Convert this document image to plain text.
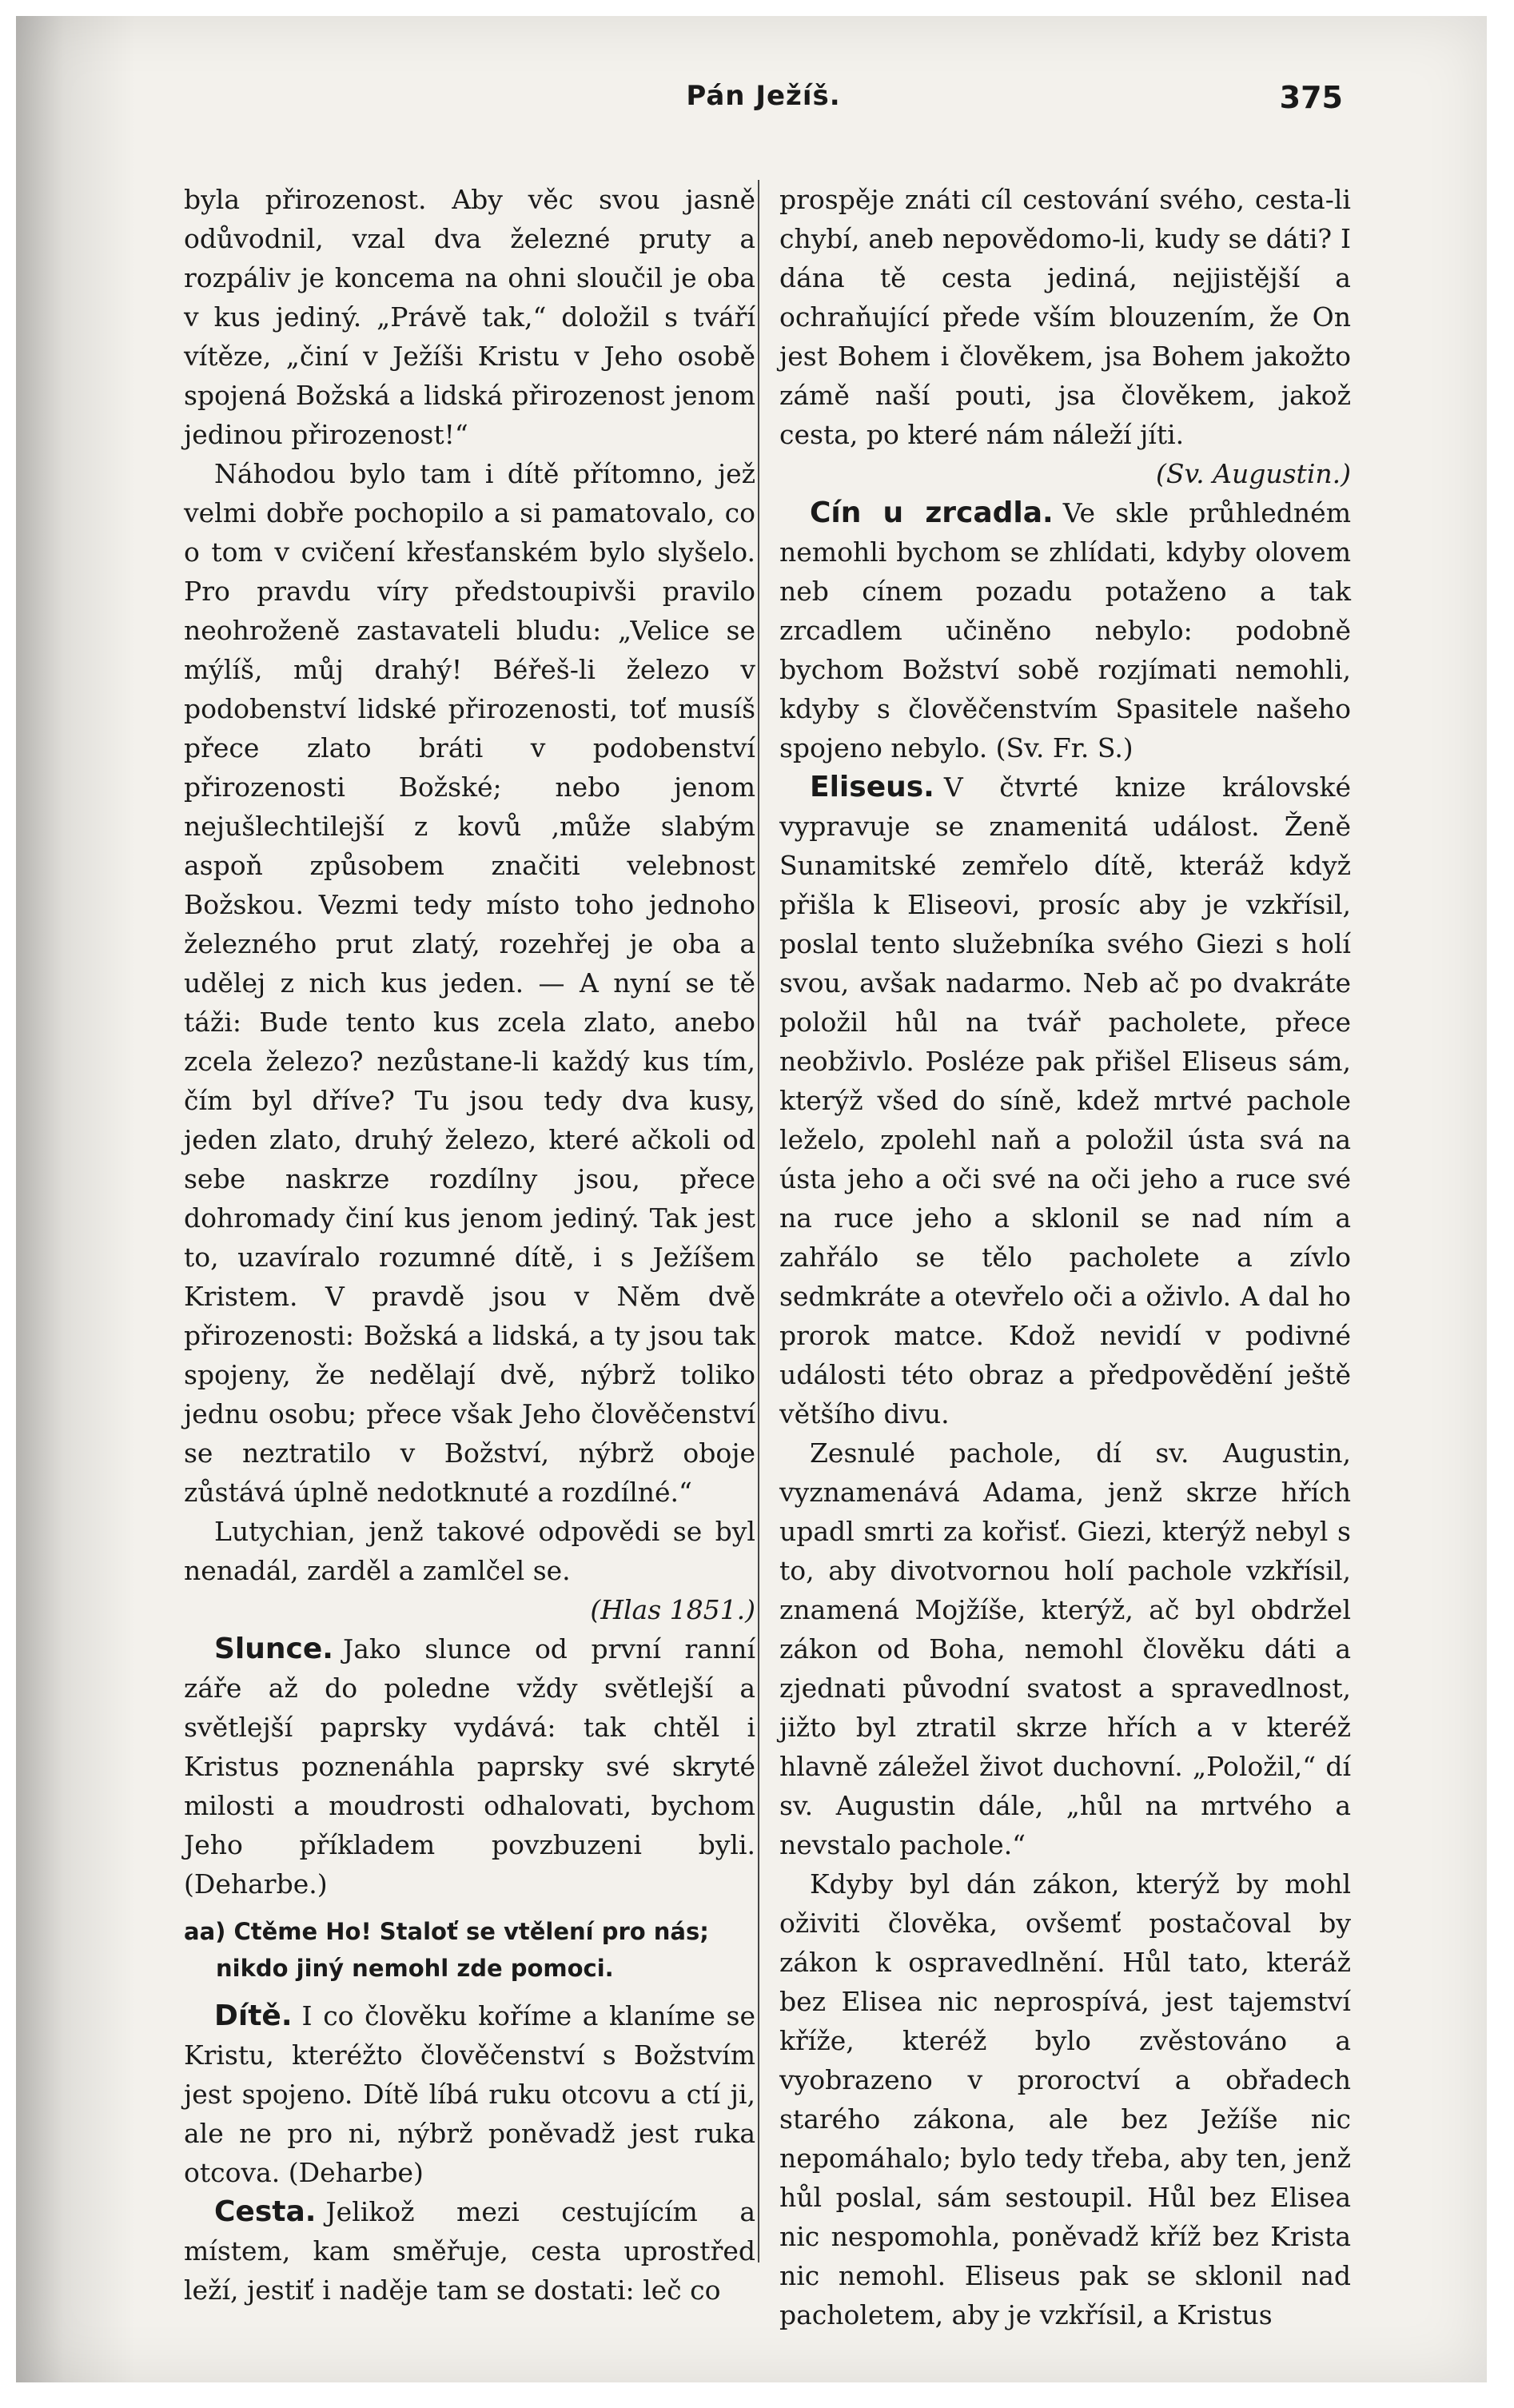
Pán Ježíš.	375

byla přirozenost. Aby věc svou jasně odůvodnil, vzal dva železné pruty a rozpáliv je koncema na ohni sloučil je oba v kus jediný. „Právě tak,“ doložil s tváří vítěze, „činí v Ježíši Kristu v Jeho osobě spojená Božská a lidská přirozenost jenom jedinou přirozenost!“

Náhodou bylo tam i dítě přítomno, jež velmi dobře pochopilo a si pamatovalo, co o tom v cvičení křesťanském bylo slyšelo. Pro pravdu víry předstoupivši pravilo neohroženě zastavateli bludu: „Velice se mýlíš, můj drahý! Béřeš-li železo v podobenství lidské přirozenosti, toť musíš přece zlato bráti v podobenství přirozenosti Božské; nebo jenom nejušlechtilejší z kovů ,může slabým aspoň způsobem značiti velebnost Božskou. Vezmi tedy místo toho jednoho železného prut zlatý, rozehřej je oba a udělej z nich kus jeden. — A nyní se tě táži: Bude tento kus zcela zlato, anebo zcela železo? nezůstane-li každý kus tím, čím byl dříve? Tu jsou tedy dva kusy, jeden zlato, druhý železo, které ačkoli od sebe naskrze rozdílny jsou, přece dohromady činí kus jenom jediný. Tak jest to, uzavíralo rozumné dítě, i s Ježíšem Kristem. V pravdě jsou v Něm dvě přirozenosti: Božská a lidská, a ty jsou tak spojeny, že nedělají dvě, nýbrž toliko jednu osobu; přece však Jeho člověčenství se neztratilo v Božství, nýbrž oboje zůstává úplně nedotknuté a rozdílné.“

Lutychian, jenž takové odpovědi se byl nenadál, zarděl a zamlčel se.

(Hlas 1851.)

Slunce. Jako slunce od první ranní záře až do poledne vždy světlejší a světlejší paprsky vydává: tak chtěl i Kristus poznenáhla paprsky své skryté milosti a moudrosti odhalovati, bychom Jeho příkladem povzbuzeni byli. (Deharbe.)

aa) Ctěme Ho! Staloť se vtělení pro nás; nikdo jiný nemohl zde pomoci.

Dítě. I co člověku koříme a klaníme se Kristu, kteréžto člověčenství s Božstvím jest spojeno. Dítě líbá ruku otcovu a ctí ji, ale ne pro ni, nýbrž poněvadž jest ruka otcova. (Deharbe)

Cesta. Jelikož mezi cestujícím a místem, kam směřuje, cesta uprostřed leží, jestiť i naděje tam se dostati: leč co

prospěje znáti cíl cestování svého, cesta-li chybí, aneb nepovědomo-li, kudy se dáti? I dána tě cesta jediná, nejjistější a ochraňující přede vším blouzením, že On jest Bohem i člověkem, jsa Bohem jakožto zámě naší pouti, jsa člověkem, jakož cesta, po které nám náleží jíti.

(Sv. Augustin.)

Cín u zrcadla. Ve skle průhledném nemohli bychom se zhlídati, kdyby olovem neb cínem pozadu potaženo a tak zrcadlem učiněno nebylo: podobně bychom Božství sobě rozjímati nemohli, kdyby s člověčenstvím Spasitele našeho spojeno nebylo. (Sv. Fr. S.)

Eliseus. V čtvrté knize královské vypravuje se znamenitá událost. Ženě Sunamitské zemřelo dítě, kteráž když přišla k Eliseovi, prosíc aby je vzkřísil, poslal tento služebníka svého Giezi s holí svou, avšak nadarmo. Neb ač po dvakráte položil hůl na tvář pacholete, přece neobživlo. Posléze pak přišel Eliseus sám, kterýž všed do síně, kdež mrtvé pachole leželo, zpolehl naň a položil ústa svá na ústa jeho a oči své na oči jeho a ruce své na ruce jeho a sklonil se nad ním a zahřálo se tělo pacholete a zívlo sedmkráte a otevřelo oči a oživlo. A dal ho prorok matce. Kdož nevidí v podivné události této obraz a předpovědění ještě většího divu.

Zesnulé pachole, dí sv. Augustin, vyznamenává Adama, jenž skrze hřích upadl smrti za kořisť. Giezi, kterýž nebyl s to, aby divotvornou holí pachole vzkřísil, znamená Mojžíše, kterýž, ač byl obdržel zákon od Boha, nemohl člověku dáti a zjednati původní svatost a spravedlnost, jižto byl ztratil skrze hřích a v kteréž hlavně záležel život duchovní. „Položil,“ dí sv. Augustin dále, „hůl na mrtvého a nevstalo pachole.“

Kdyby byl dán zákon, kterýž by mohl oživiti člověka, ovšemť postačoval by zákon k ospravedlnění. Hůl tato, kteráž bez Elisea nic neprospívá, jest tajemství kříže, kteréž bylo zvěstováno a vyobrazeno v proroctví a obřadech starého zákona, ale bez Ježíše nic nepomáhalo; bylo tedy třeba, aby ten, jenž hůl poslal, sám sestoupil. Hůl bez Elisea nic nespomohla, poněvadž kříž bez Krista nic nemohl. Eliseus pak se sklonil nad pacholetem, aby je vzkřísil, a Kristus
